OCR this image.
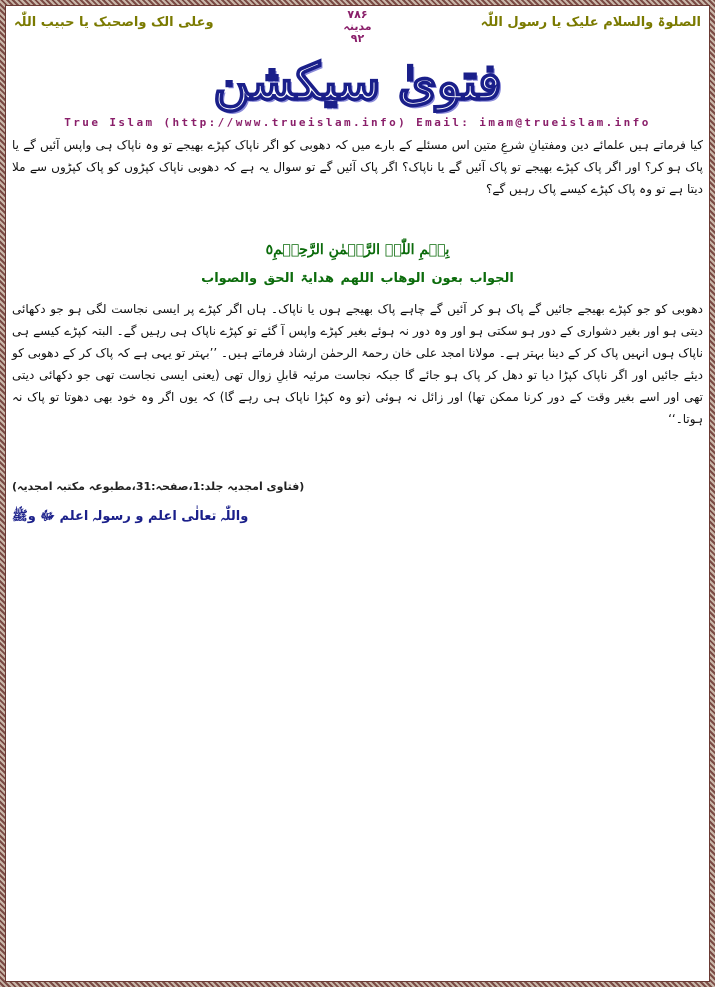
الصلوۃ والسلام علیک یا رسول اللّٰہ
۷۸۶
مدینہ
۹۲
وعلی الک واصحبک یا حبیب اللّٰہ
فتویٰ سیکشن
True Islam (http://www.trueislam.info) Email: imam@trueislam.info
کیا فرماتے ہیں علمائے دین ومفتیانِ شرعِ متین اس مسئلے کے بارے میں کہ دھوبی کو اگر ناپاک کپڑے بھیجے تو وہ ناپاک ہی واپس آئیں گے یا پاک ہو کر؟ اور اگر پاک کپڑے بھیجے تو پاک آئیں گے یا ناپاک؟ اگر پاک آئیں گے تو سوال یہ ہے کہ دھوبی ناپاک کپڑوں کو پاک کپڑوں سے ملا دیتا ہے تو وہ پاک کپڑے کیسے پاک رہیں گے؟
بِسۡمِ اللّٰہِ الرَّحۡمٰنِ الرَّحِیۡمِ٥
الجواب بعون الوھاب اللھم ھدایۃ الحق والصواب
دھوبی کو جو کپڑے بھیجے جائیں گے پاک ہو کر آئیں گے چاہے پاک بھیجے ہوں یا ناپاک۔ ہاں اگر کپڑے پر ایسی نجاست لگی ہو جو دکھائی دیتی ہو اور بغیر دشواری کے دور ہو سکتی ہو اور وہ دور نہ ہوئے بغیر کپڑے واپس آ گئے تو کپڑے ناپاک ہی رہیں گے۔ البتہ کپڑے کیسے ہی ناپاک ہوں انہیں پاک کر کے دینا بہتر ہے۔ مولانا امجد علی خان رحمۃ الرحمٰن ارشاد فرماتے ہیں۔ ’’بہتر تو یہی ہے کہ پاک کر کے دھوبی کو دیئے جائیں اور اگر ناپاک کپڑا دیا تو دھل کر پاک ہو جائے گا جبکہ نجاست مرئیہ قابلِ زوال تھی (یعنی ایسی نجاست تھی جو دکھائی دیتی تھی اور اسے بغیر وقت کے دور کرنا ممکن تھا) اور زائل نہ ہوئی (تو وہ کپڑا ناپاک ہی رہے گا) کہ یوں اگر وہ خود بھی دھوتا تو پاک نہ ہوتا۔‘‘
(فتاوی امجدیہ جلد:1،صفحہ:31،مطبوعہ مکتبہ امجدیہ)
واللّٰہ تعالٰی اعلم و رسولہ اعلم ﷻ وﷺ
